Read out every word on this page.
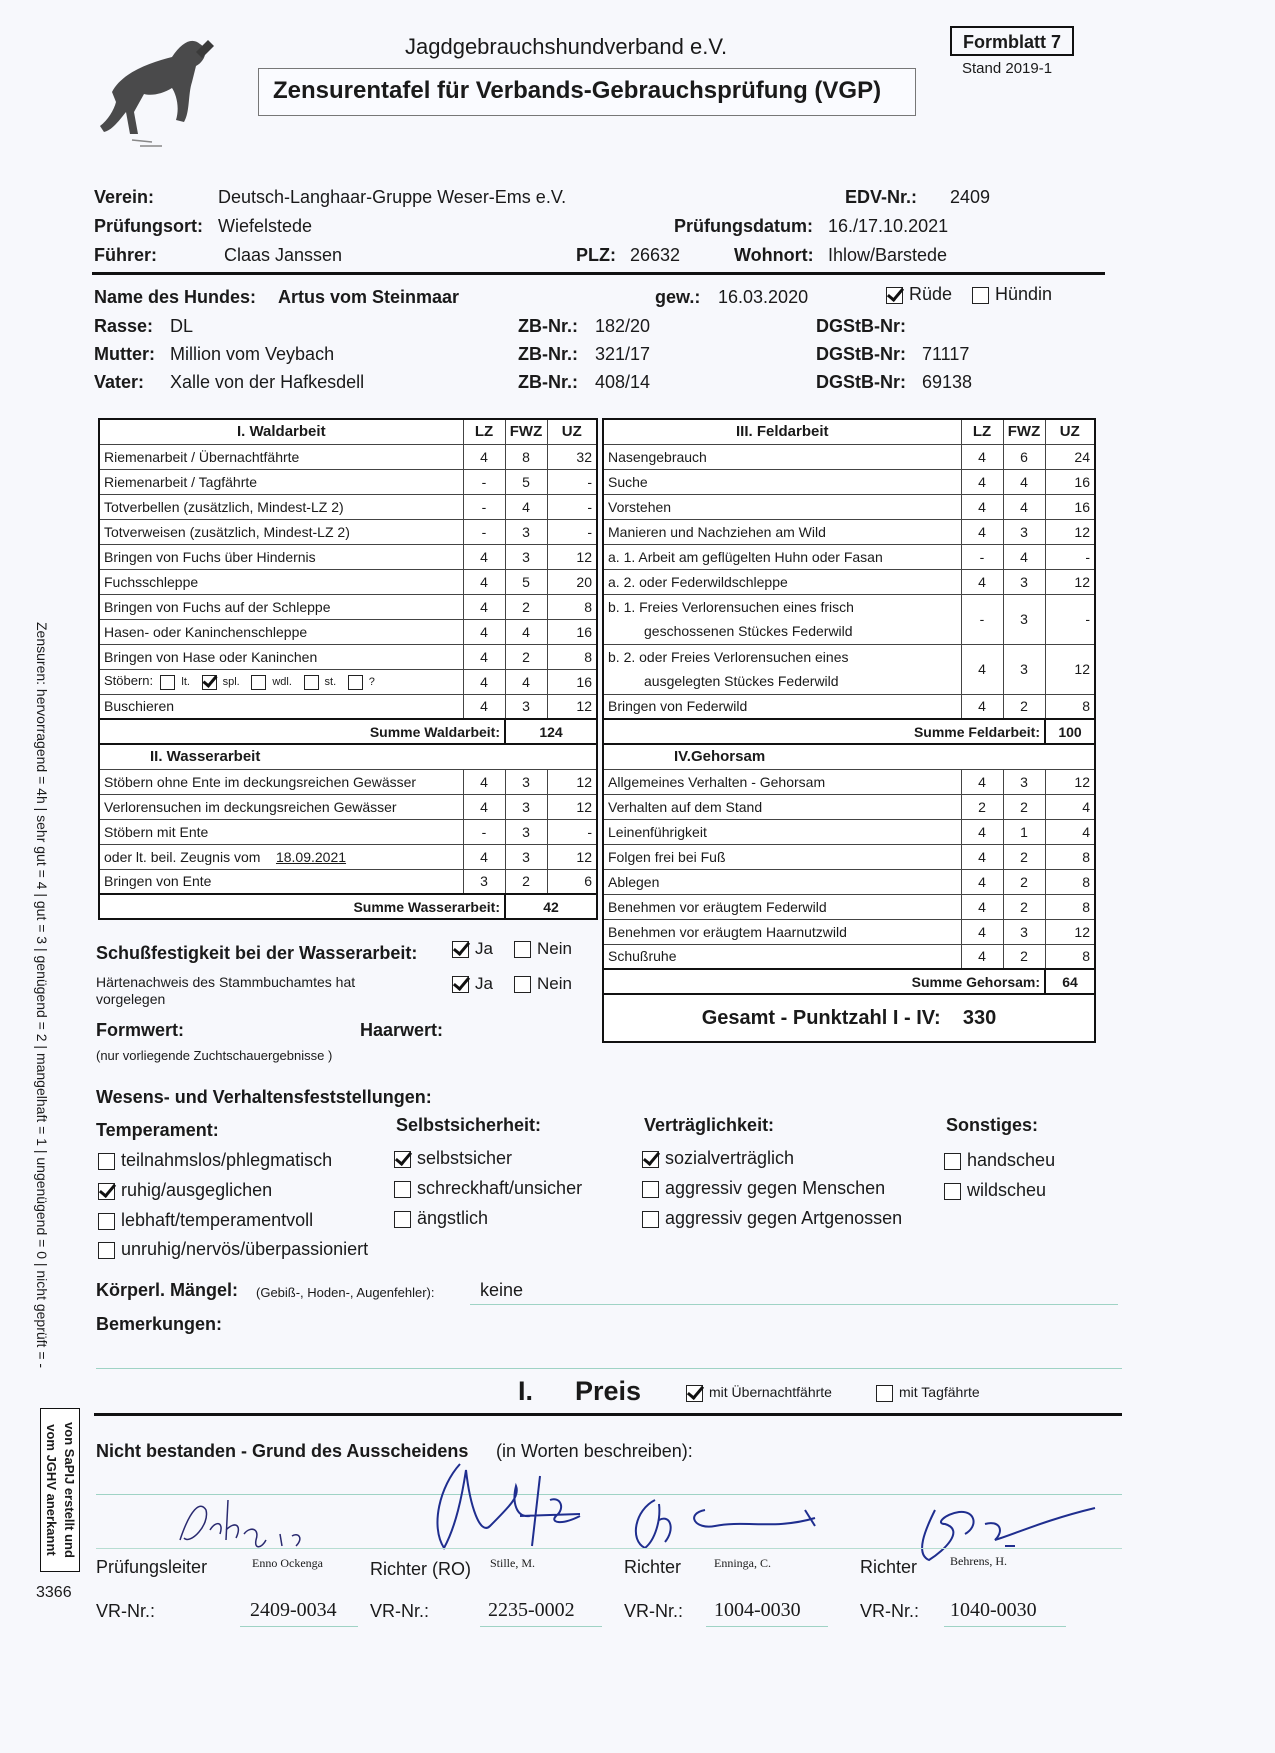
Jagdgebrauchshundverband e.V.
Zensurentafel für Verbands-Gebrauchsprüfung (VGP)
Formblatt 7
Stand 2019-1
Verein:	Deutsch-Langhaar-Gruppe Weser-Ems e.V.	EDV-Nr.: 2409
Prüfungsort: Wiefelstede	Prüfungsdatum: 16./17.10.2021
Führer:	Claas Janssen	PLZ: 26632	Wohnort: Ihlow/Barstede
Name des Hundes: Artus vom Steinmaar	gew.: 16.03.2020	Rüde	Hündin
Rasse: DL	ZB-Nr.: 182/20	DGStB-Nr:
Mutter: Million vom Veybach	ZB-Nr.: 321/17	DGStB-Nr: 71117
Vater: Xalle von der Hafkesdell	ZB-Nr.: 408/14	DGStB-Nr: 69138
I. Waldarbeit	LZ	FWZ	UZ
Riemenarbeit / Übernachtfährte	4	8	32
Riemenarbeit / Tagfährte	-	5	-
Totverbellen (zusätzlich, Mindest-LZ 2)	-	4	-
Totverweisen (zusätzlich, Mindest-LZ 2)	-	3	-
Bringen von Fuchs über Hindernis	4	3	12
Fuchsschleppe	4	5	20
Bringen von Fuchs auf der Schleppe	4	2	8
Hasen- oder Kaninchenschleppe	4	4	16
Bringen von Hase oder Kaninchen	4	2	8
Stöbern: lt. spl. wdl. st. ?	4	4	16
Buschieren	4	3	12
Summe Waldarbeit:		124	
II. Wasserarbeit			
Stöbern ohne Ente im deckungsreichen Gewässer	4	3	12
Verlorensuchen im deckungsreichen Gewässer	4	3	12
Stöbern mit Ente	-	3	-
oder lt. beil. Zeugnis vom 18.09.2021	4	3	12
Bringen von Ente	3	2	6
Summe Wasserarbeit:		42	
III. Feldarbeit	LZ	FWZ	UZ
Nasengebrauch	4	6	24
Suche	4	4	16
Vorstehen	4	4	16
Manieren und Nachziehen am Wild	4	3	12
a. 1. Arbeit am geflügelten Huhn oder Fasan	-	4	-
a. 2. oder Federwildschleppe	4	3	12
b. 1. Freies Verlorensuchen eines frisch	-	3	-
geschossenen Stückes Federwild			
b. 2. oder Freies Verlorensuchen eines	4	3	12
ausgelegten Stückes Federwild			
Bringen von Federwild	4	2	8
Summe Feldarbeit:			100
IV.Gehorsam			
Allgemeines Verhalten - Gehorsam	4	3	12
Verhalten auf dem Stand	2	2	4
Leinenführigkeit	4	1	4
Folgen frei bei Fuß	4	2	8
Ablegen	4	2	8
Benehmen vor eräugtem Federwild	4	2	8
Benehmen vor eräugtem Haarnutzwild	4	3	12
Schußruhe	4	2	8
Summe Gehorsam:			64
Gesamt - Punktzahl I - IV: 330			
Schußfestigkeit bei der Wasserarbeit:	Ja	Nein
Härtenachweis des Stammbuchamtes hat vorgelegen
Ja	Nein
Formwert:	Haarwert:
(nur vorliegende Zuchtschauergebnisse )
Wesens- und Verhaltensfeststellungen:
Temperament:	Selbstsicherheit:	Verträglichkeit:	Sonstiges:
teilnahmslos/phlegmatisch
ruhig/ausgeglichen
lebhaft/temperamentvoll
unruhig/nervös/überpassioniert
selbstsicher
schreckhaft/unsicher
ängstlich
sozialverträglich
aggressiv gegen Menschen
aggressiv gegen Artgenossen
handscheu
wildscheu
Körperl. Mängel: (Gebiß-, Hoden-, Augenfehler):	keine
Bemerkungen:
I. Preis	mit Übernachtfährte	mit Tagfährte
Nicht bestanden - Grund des Ausscheidens (in Worten beschreiben):
Prüfungsleiter	Enno Ockenga	Richter (RO) Stille, M.	Richter	Enninga, C.	Richter	Behrens, H.
VR-Nr.:	2409-0034 VR-Nr.:	2235-0002	VR-Nr.: 1004-0030	VR-Nr.: 1040-0030
Zensuren: hervorragend = 4h | sehr gut = 4 | gut = 3 | genügend = 2 | mangelhaft = 1 | ungenügend = 0 | nicht geprüft = -
von SaPIJ erstellt und vom JGHV anerkannt
3366
